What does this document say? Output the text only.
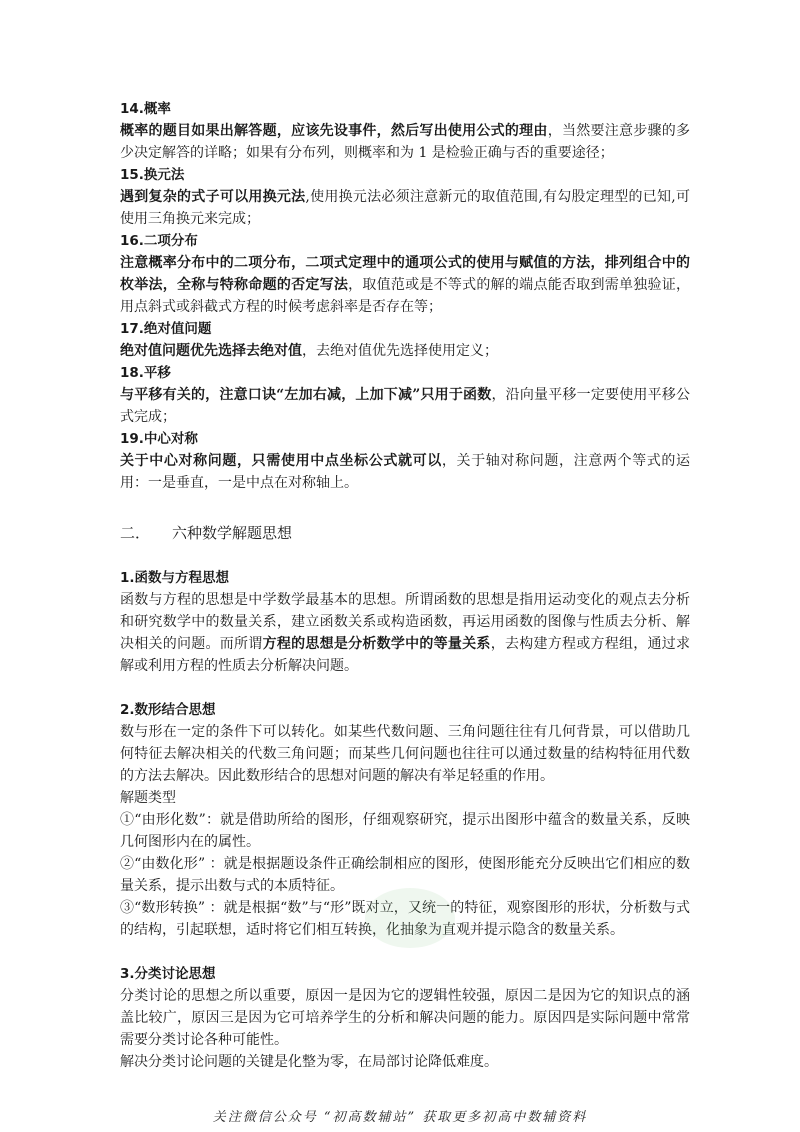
14.概率

概率的题目如果出解答题，应该先设事件，然后写出使用公式的理由，当然要注意步骤的多少决定解答的详略；如果有分布列，则概率和为 1 是检验正确与否的重要途径；

15.换元法

遇到复杂的式子可以用换元法,使用换元法必须注意新元的取值范围,有勾股定理型的已知,可使用三角换元来完成；

16.二项分布

注意概率分布中的二项分布，二项式定理中的通项公式的使用与赋值的方法，排列组合中的枚举法，全称与特称命题的否定写法，取值范或是不等式的解的端点能否取到需单独验证，用点斜式或斜截式方程的时候考虑斜率是否存在等；

17.绝对值问题

绝对值问题优先选择去绝对值，去绝对值优先选择使用定义；

18.平移

与平移有关的，注意口诀“左加右减，上加下减”只用于函数，沿向量平移一定要使用平移公式完成；

19.中心对称

关于中心对称问题，只需使用中点坐标公式就可以，关于轴对称问题，注意两个等式的运用：一是垂直，一是中点在对称轴上。

二． 六种数学解题思想
1.函数与方程思想

函数与方程的思想是中学数学最基本的思想。所谓函数的思想是指用运动变化的观点去分析和研究数学中的数量关系，建立函数关系或构造函数，再运用函数的图像与性质去分析、解决相关的问题。而所谓方程的思想是分析数学中的等量关系，去构建方程或方程组，通过求解或利用方程的性质去分析解决问题。

2.数形结合思想

数与形在一定的条件下可以转化。如某些代数问题、三角问题往往有几何背景，可以借助几何特征去解决相关的代数三角问题；而某些几何问题也往往可以通过数量的结构特征用代数的方法去解决。因此数形结合的思想对问题的解决有举足轻重的作用。

解题类型

①“由形化数”：就是借助所给的图形，仔细观察研究，提示出图形中蕴含的数量关系，反映几何图形内在的属性。

②“由数化形” ：就是根据题设条件正确绘制相应的图形，使图形能充分反映出它们相应的数量关系，提示出数与式的本质特征。

③“数形转换” ：就是根据“数”与“形”既对立，又统一的特征，观察图形的形状，分析数与式的结构，引起联想，适时将它们相互转换，化抽象为直观并提示隐含的数量关系。

3.分类讨论思想

分类讨论的思想之所以重要，原因一是因为它的逻辑性较强，原因二是因为它的知识点的涵盖比较广，原因三是因为它可培养学生的分析和解决问题的能力。原因四是实际问题中常常需要分类讨论各种可能性。

解决分类讨论问题的关键是化整为零，在局部讨论降低难度。

关注微信公众号 “初高数辅站” 获取更多初高中数辅资料
